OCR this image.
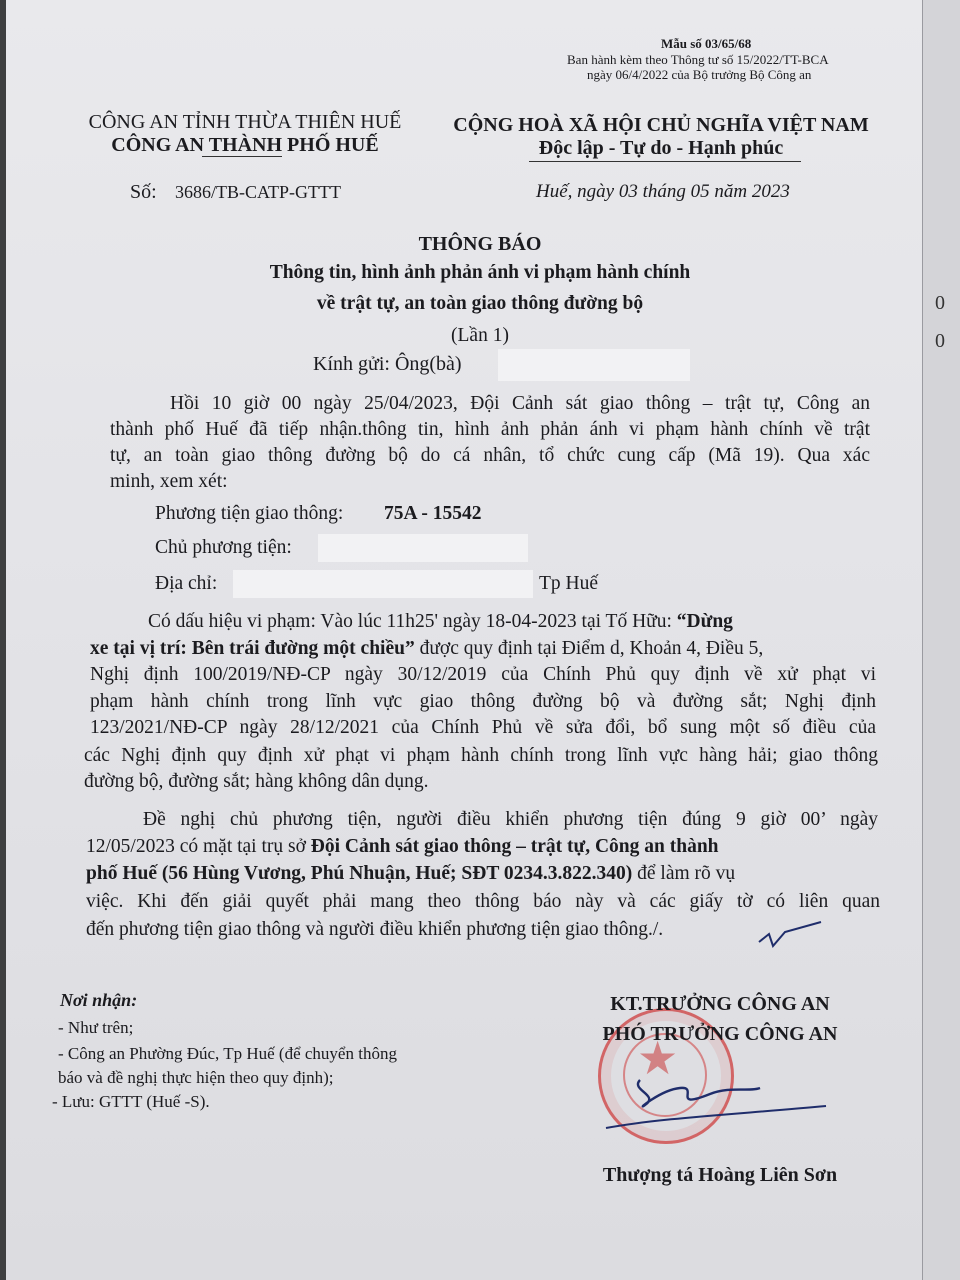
0
0
Mẫu số 03/65/68
Ban hành kèm theo Thông tư số 15/2022/TT-BCA
ngày 06/4/2022 của Bộ trưởng Bộ Công an
CÔNG AN TỈNH THỪA THIÊN HUẾ
CÔNG AN THÀNH PHỐ HUẾ
CỘNG HOÀ XÃ HỘI CHỦ NGHĨA VIỆT NAM
Độc lập - Tự do - Hạnh phúc
Số: 3686/TB-CATP-GTTT	Huế, ngày 03 tháng 05 năm 2023
THÔNG BÁO
Thông tin, hình ảnh phản ánh vi phạm hành chính
về trật tự, an toàn giao thông đường bộ
(Lần 1)
Kính gửi: Ông(bà)
Hồi 10 giờ 00 ngày 25/04/2023, Đội Cảnh sát giao thông – trật tự, Công an
thành phố Huế đã tiếp nhận.thông tin, hình ảnh phản ánh vi phạm hành chính về trật
tự, an toàn giao thông đường bộ do cá nhân, tổ chức cung cấp (Mã 19). Qua xác
minh, xem xét:
Phương tiện giao thông: 75A - 15542
Chủ phương tiện:
Địa chỉ:	Tp Huế
Có dấu hiệu vi phạm: Vào lúc 11h25' ngày 18-04-2023 tại Tố Hữu: “Dừng
xe tại vị trí: Bên trái đường một chiều” được quy định tại Điểm d, Khoản 4, Điều 5,
Nghị định 100/2019/NĐ-CP ngày 30/12/2019 của Chính Phủ quy định về xử phạt vi
phạm hành chính trong lĩnh vực giao thông đường bộ và đường sắt; Nghị định
123/2021/NĐ-CP ngày 28/12/2021 của Chính Phủ về sửa đổi, bổ sung một số điều của
các Nghị định quy định xử phạt vi phạm hành chính trong lĩnh vực hàng hải; giao thông
đường bộ, đường sắt; hàng không dân dụng.
Đề nghị chủ phương tiện, người điều khiển phương tiện đúng 9 giờ 00’ ngày
12/05/2023 có mặt tại trụ sở Đội Cảnh sát giao thông – trật tự, Công an thành
phố Huế (56 Hùng Vương, Phú Nhuận, Huế; SĐT 0234.3.822.340) để làm rõ vụ
việc. Khi đến giải quyết phải mang theo thông báo này và các giấy tờ có liên quan
đến phương tiện giao thông và người điều khiển phương tiện giao thông./.
Nơi nhận:
- Như trên;
- Công an Phường Đúc, Tp Huế (để chuyển thông
báo và đề nghị thực hiện theo quy định);
- Lưu: GTTT (Huế -S).
★
KT.TRƯỞNG CÔNG AN
PHÓ TRƯỞNG CÔNG AN
Thượng tá Hoàng Liên Sơn
